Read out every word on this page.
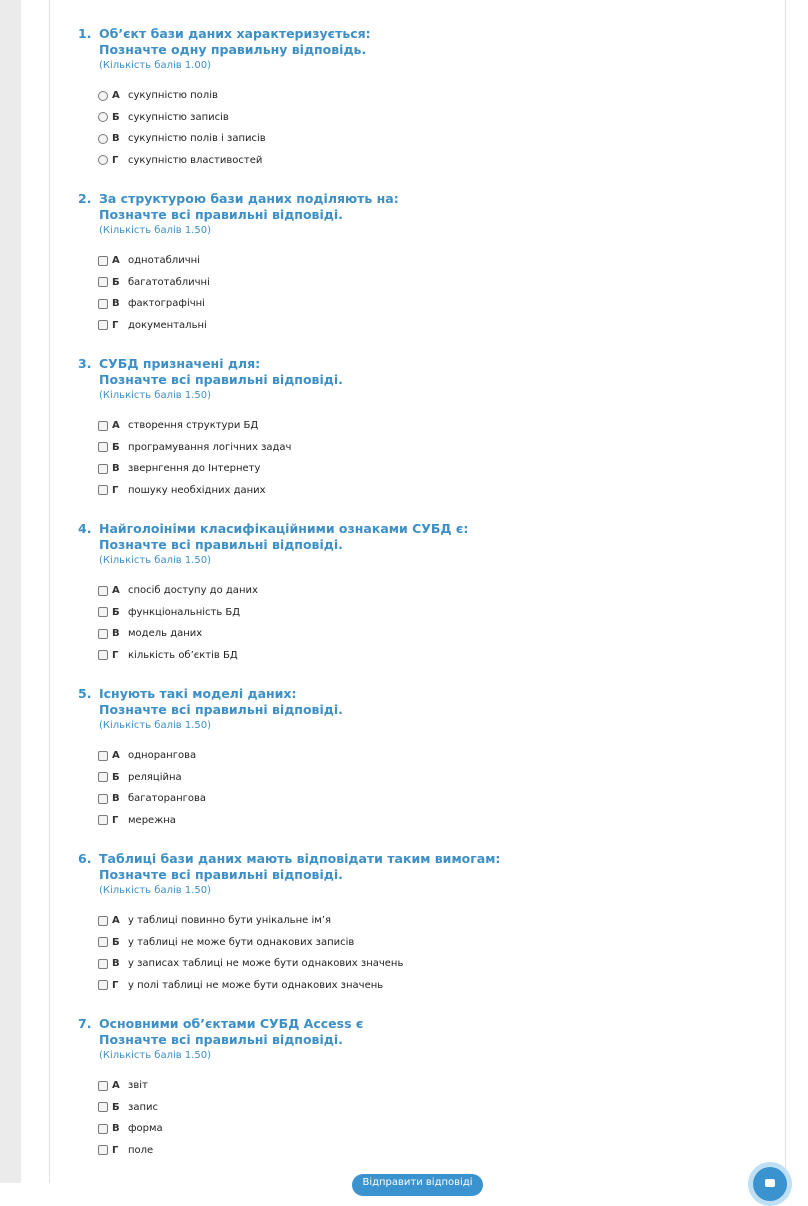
1. Об’єкт бази даних характеризується:
Позначте одну правильну відповідь.
(Кількість балів 1.00)
А сукупністю полів
Б сукупністю записів
В сукупністю полів і записів
Г сукупністю властивостей
2. За структурою бази даних поділяють на:
Позначте всі правильні відповіді.
(Кількість балів 1.50)
А однотабличні
Б багатотабличні
В фактографічні
Г документальні
3. СУБД призначені для:
Позначте всі правильні відповіді.
(Кількість балів 1.50)
А створення структури БД
Б програмування логічних задач
В звернгення до Інтернету
Г пошуку необхідних даних
4. Найголоініми класифікаційними ознаками СУБД є:
Позначте всі правильні відповіді.
(Кількість балів 1.50)
А спосіб доступу до даних
Б функціональність БД
В модель даних
Г кількість об’єктів БД
5. Існують такі моделі даних:
Позначте всі правильні відповіді.
(Кількість балів 1.50)
А однорангова
Б реляційна
В багаторангова
Г мережна
6. Таблиці бази даних мають відповідати таким вимогам:
Позначте всі правильні відповіді.
(Кількість балів 1.50)
А у таблиці повинно бути унікальне ім’я
Б у таблиці не може бути однакових записів
В у записах таблиці не може бути однакових значень
Г у полі таблиці не може бути однакових значень
7. Основними об’єктами СУБД Access є
Позначте всі правильні відповіді.
(Кількість балів 1.50)
А звіт
Б запис
В форма
Г поле
Відправити відповіді
